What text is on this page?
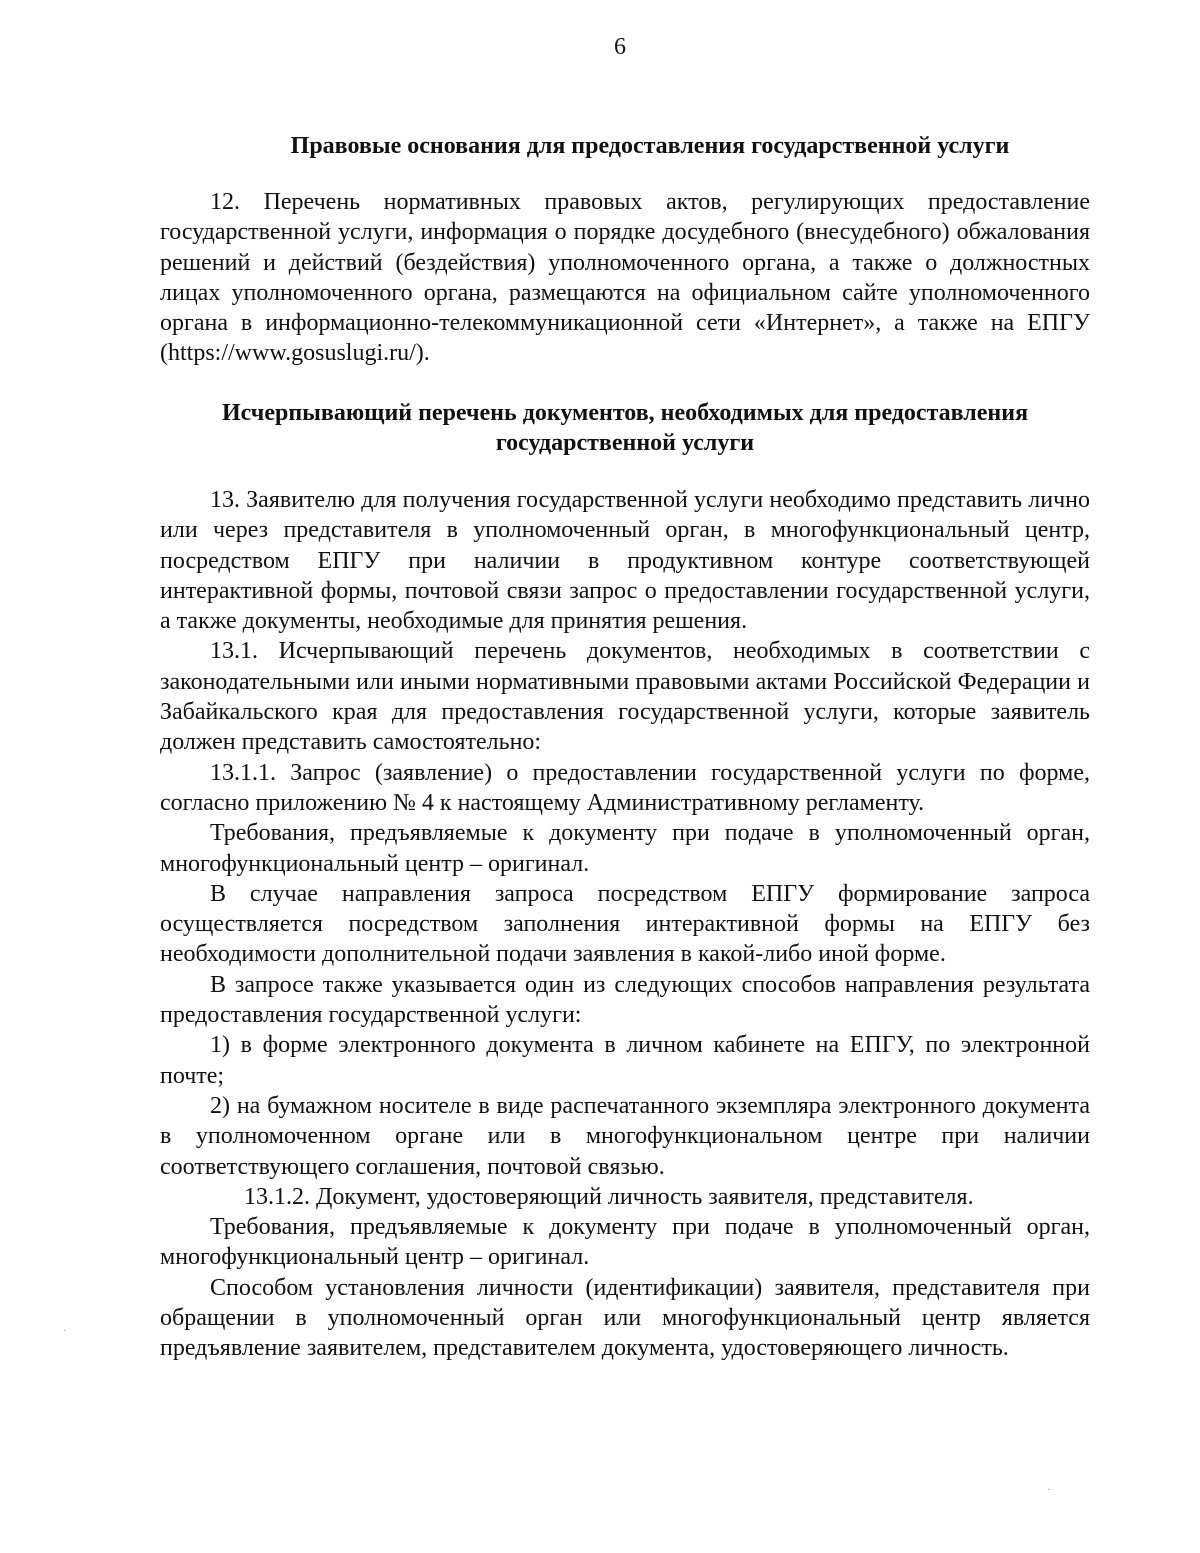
6
Правовые основания для предоставления государственной услуги

12. Перечень нормативных правовых актов, регулирующих предоставление государственной услуги, информация о порядке досудебного (внесудебного) обжалования решений и действий (бездействия) уполномоченного органа, а также о должностных лицах уполномоченного органа, размещаются на официальном сайте уполномоченного органа в информационно-телекоммуникационной сети «Интернет», а также на ЕПГУ (https://www.gosuslugi.ru/).

Исчерпывающий перечень документов, необходимых для предоставления
государственной услуги

13. Заявителю для получения государственной услуги необходимо представить лично или через представителя в уполномоченный орган, в многофункциональный центр, посредством ЕПГУ при наличии в продуктивном контуре соответствующей интерактивной формы, почтовой связи запрос о предоставлении государственной услуги, а также документы, необходимые для принятия решения.

13.1. Исчерпывающий перечень документов, необходимых в соответствии с законодательными или иными нормативными правовыми актами Российской Федерации и Забайкальского края для предоставления государственной услуги, которые заявитель должен представить самостоятельно:

13.1.1. Запрос (заявление) о предоставлении государственной услуги по форме, согласно приложению № 4 к настоящему Административному регламенту.

Требования, предъявляемые к документу при подаче в уполномоченный орган, многофункциональный центр – оригинал.

В случае направления запроса посредством ЕПГУ формирование запроса осуществляется посредством заполнения интерактивной формы на ЕПГУ без необходимости дополнительной подачи заявления в какой-либо иной форме.

В запросе также указывается один из следующих способов направления результата предоставления государственной услуги:

1) в форме электронного документа в личном кабинете на ЕПГУ, по электронной почте;

2) на бумажном носителе в виде распечатанного экземпляра электронного документа в уполномоченном органе или в многофункциональном центре при наличии соответствующего соглашения, почтовой связью.

13.1.2. Документ, удостоверяющий личность заявителя, представителя.

Требования, предъявляемые к документу при подаче в уполномоченный орган, многофункциональный центр – оригинал.

Способом установления личности (идентификации) заявителя, представителя при обращении в уполномоченный орган или многофункциональный центр является предъявление заявителем, представителем документа, удостоверяющего личность.
